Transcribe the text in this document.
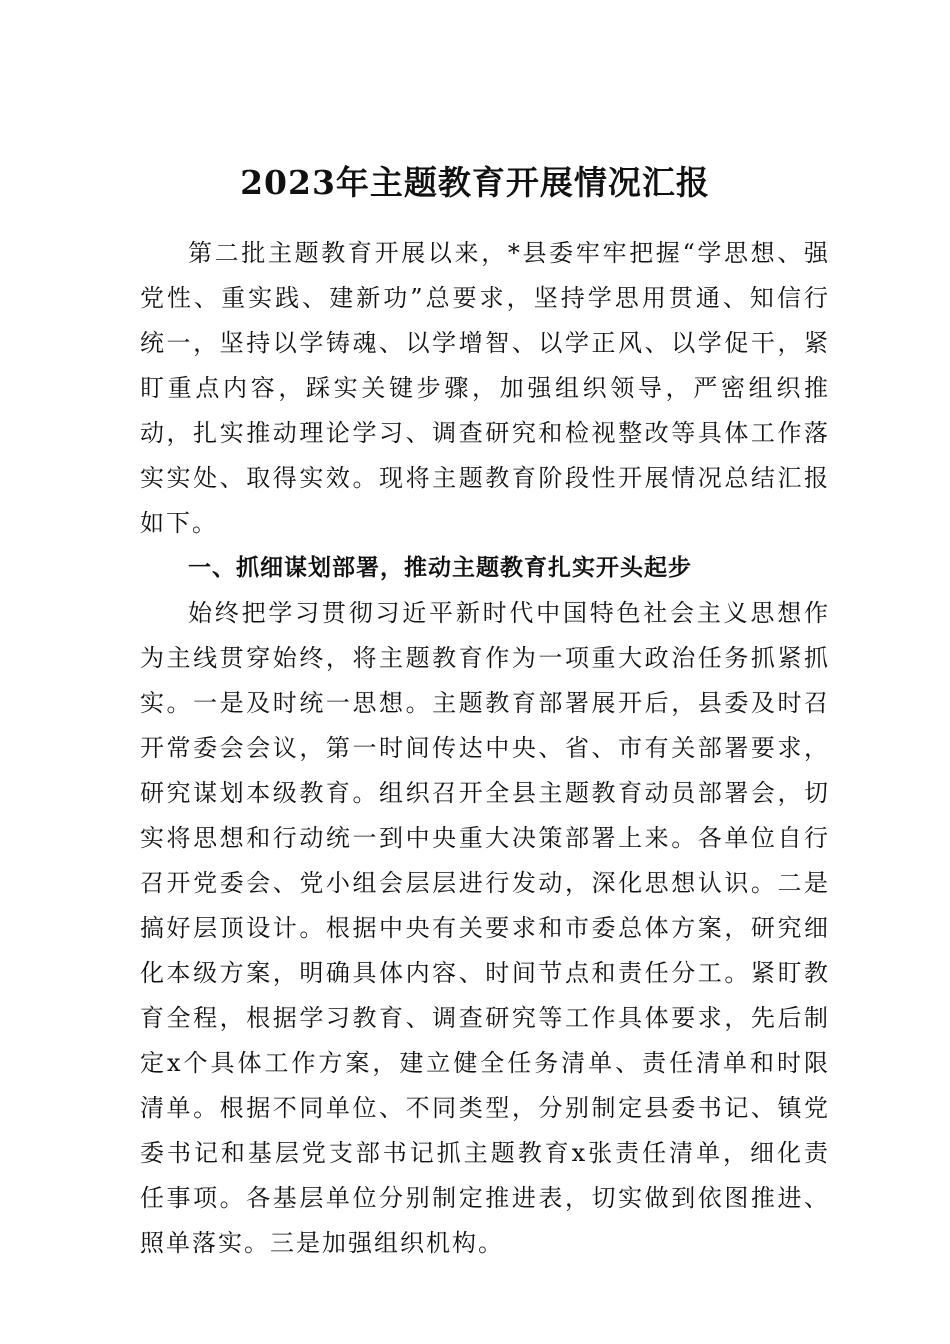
2023年主题教育开展情况汇报

第二批主题教育开展以来，*县委牢牢把握“学思想、强党性、重实践、建新功”总要求，坚持学思用贯通、知信行统一，坚持以学铸魂、以学增智、以学正风、以学促干，紧盯重点内容，踩实关键步骤，加强组织领导，严密组织推动，扎实推动理论学习、调查研究和检视整改等具体工作落实实处、取得实效。现将主题教育阶段性开展情况总结汇报如下。

一、抓细谋划部署，推动主题教育扎实开头起步

始终把学习贯彻习近平新时代中国特色社会主义思想作为主线贯穿始终，将主题教育作为一项重大政治任务抓紧抓实。一是及时统一思想。主题教育部署展开后，县委及时召开常委会会议，第一时间传达中央、省、市有关部署要求，研究谋划本级教育。组织召开全县主题教育动员部署会，切实将思想和行动统一到中央重大决策部署上来。各单位自行召开党委会、党小组会层层进行发动，深化思想认识。二是搞好层顶设计。根据中央有关要求和市委总体方案，研究细化本级方案，明确具体内容、时间节点和责任分工。紧盯教育全程，根据学习教育、调查研究等工作具体要求，先后制定x个具体工作方案，建立健全任务清单、责任清单和时限清单。根据不同单位、不同类型，分别制定县委书记、镇党委书记和基层党支部书记抓主题教育x张责任清单，细化责任事项。各基层单位分别制定推进表，切实做到依图推进、照单落实。三是加强组织机构。
